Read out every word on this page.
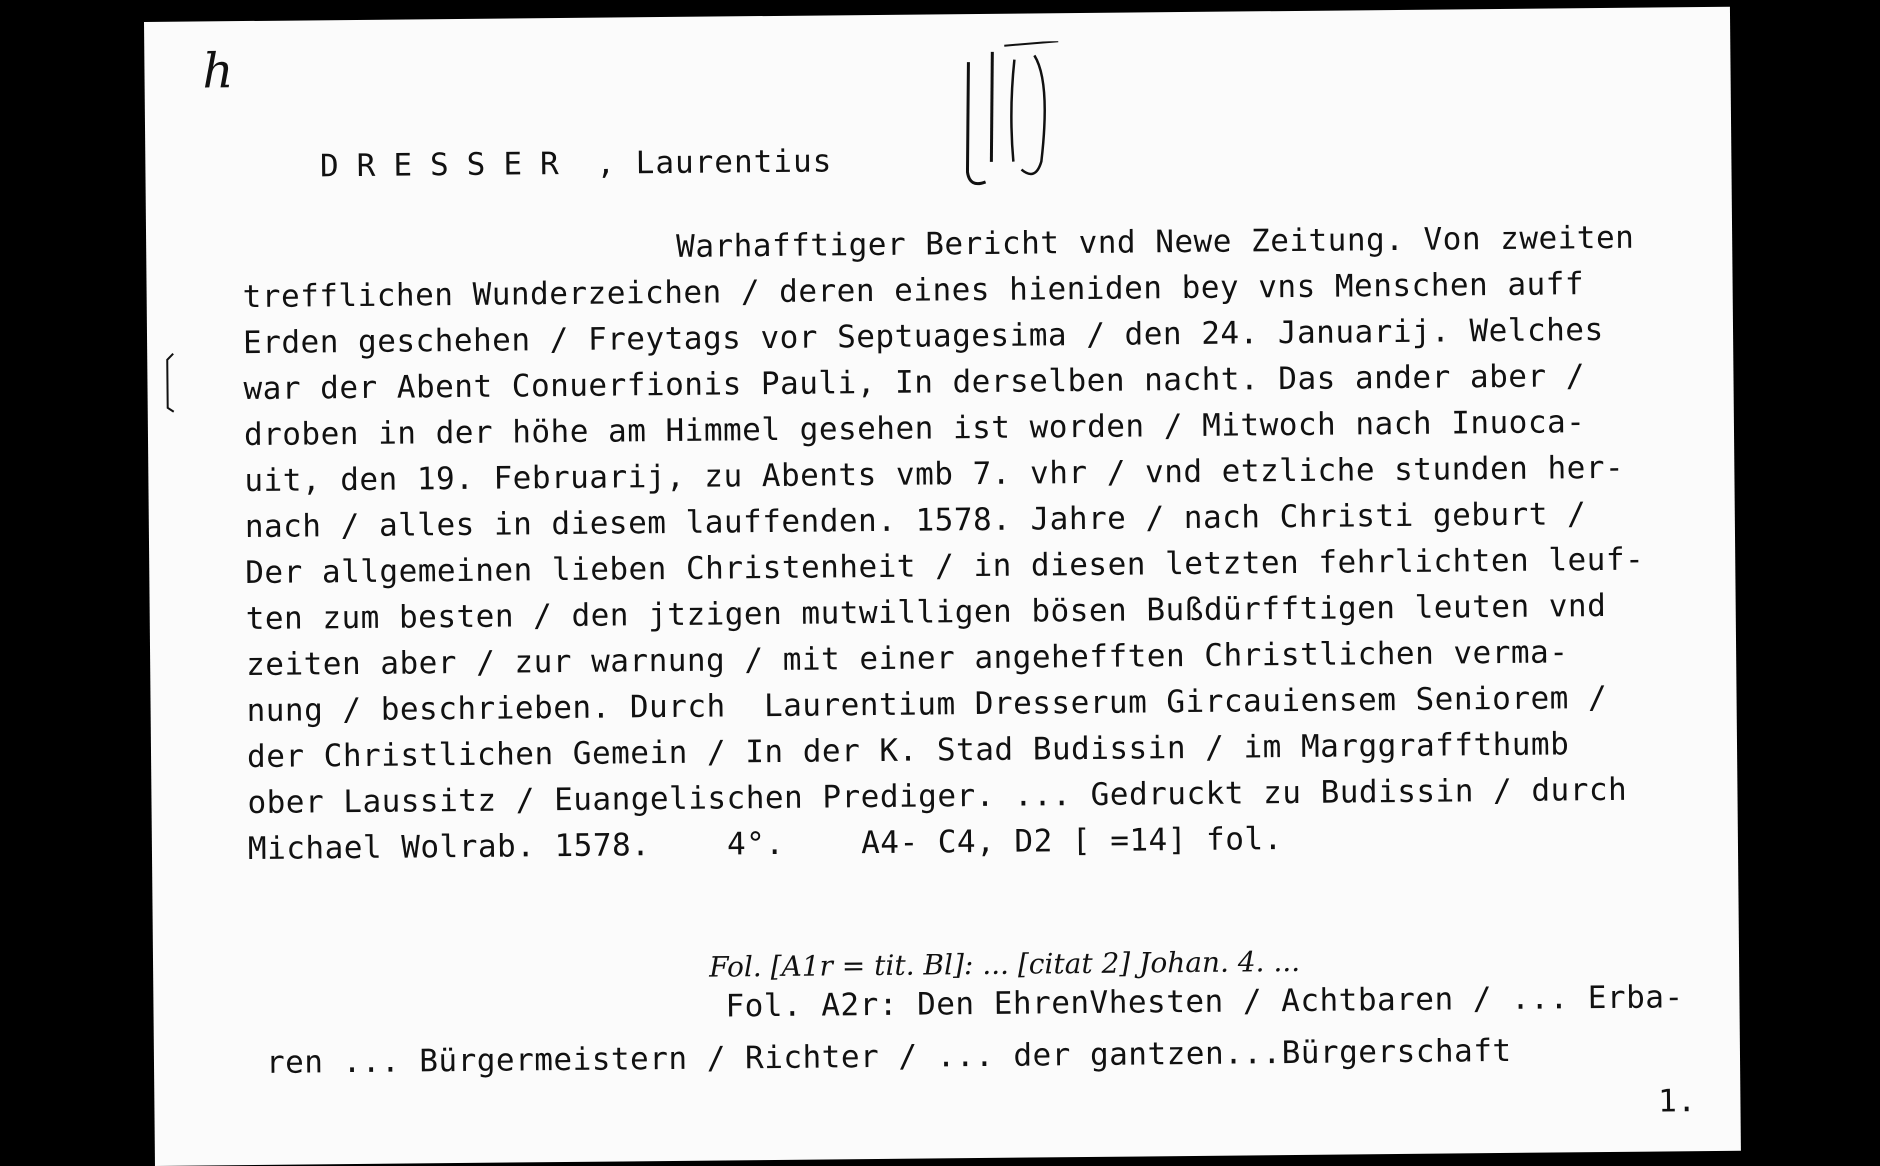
h

DRESSER , Laurentius

Warhafftiger Bericht vnd Newe Zeitung. Von zweiten
trefflichen Wunderzeichen / deren eines hieniden bey vns Menschen auff
Erden geschehen / Freytags vor Septuagesima / den 24. Januarij. Welches
war der Abent Conuerfionis Pauli, In derselben nacht. Das ander aber /
droben in der höhe am Himmel gesehen ist worden / Mitwoch nach Inuoca-
uit, den 19. Februarij, zu Abents vmb 7. vhr / vnd etzliche stunden her-
nach / alles in diesem lauffenden. 1578. Jahre / nach Christi geburt /
Der allgemeinen lieben Christenheit / in diesen letzten fehrlichten leuf-
ten zum besten / den jtzigen mutwilligen bösen Bußdürfftigen leuten vnd
zeiten aber / zur warnung / mit einer angehefften Christlichen verma-
nung / beschrieben. Durch  Laurentium Dresserum Gircauiensem Seniorem /
der Christlichen Gemein / In der K. Stad Budissin / im Marggraffthumb
ober Laussitz / Euangelischen Prediger. ... Gedruckt zu Budissin / durch
Michael Wolrab. 1578.    4°.    A4- C4, D2 [ =14] fol.
Fol. [A1r = tit. Bl]: ... [citat 2] Johan. 4. ...
Fol. A2r: Den EhrenVhesten / Achtbaren / ... Erba-
ren ... Bürgermeistern / Richter / ... der gantzen...Bürgerschaft
1.
